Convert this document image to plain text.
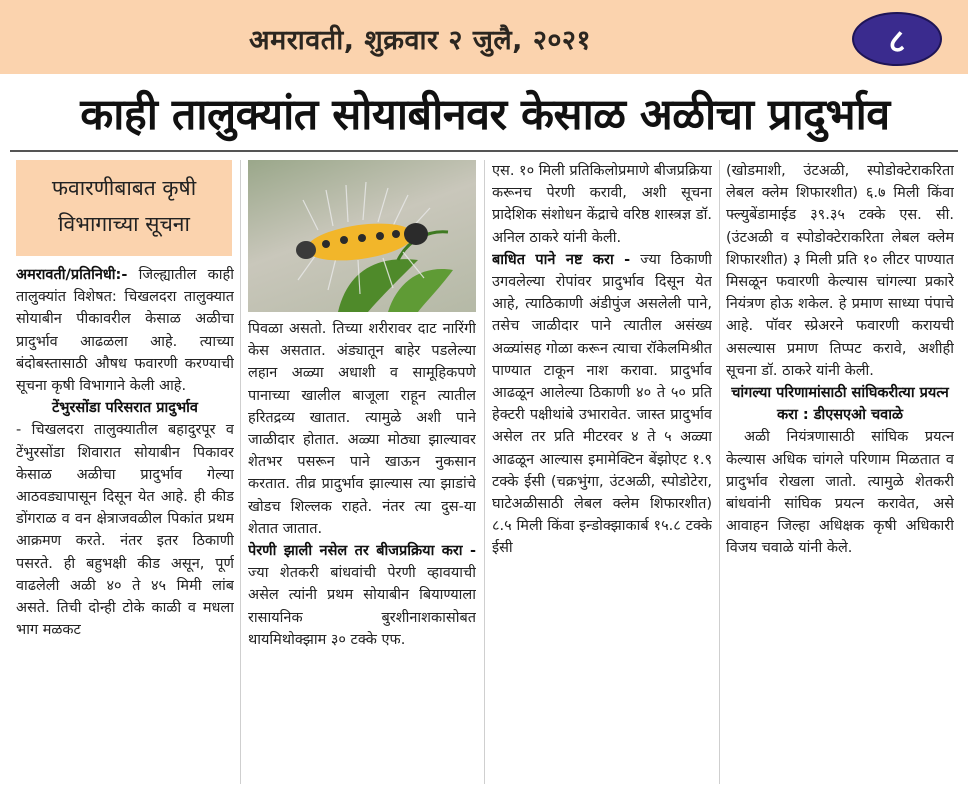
अमरावती, शुक्रवार २ जुलै, २०२१	८
काही तालुक्यांत सोयाबीनवर केसाळ अळीचा प्रादुर्भाव
फवारणीबाबत कृषी विभागाच्या सूचना

अमरावती/प्रतिनिधी:- जिल्ह्यातील काही तालुक्यांत विशेषत: चिखलदरा तालुक्यात सोयाबीन पीकावरील केसाळ अळीचा प्रादुर्भाव आढळला आहे. त्याच्या बंदोबस्तासाठी औषध फवारणी करण्याची सूचना कृषी विभागाने केली आहे.

टेंभुरसोंडा परिसरात प्रादुर्भाव

- चिखलदरा तालुक्यातील बहादुरपूर व टेंभुरसोंडा शिवारात सोयाबीन पिकावर केसाळ अळीचा प्रादुर्भाव गेल्या आठवड्यापासून दिसून येत आहे. ही कीड डोंगराळ व वन क्षेत्राजवळील पिकांत प्रथम आक्रमण करते. नंतर इतर ठिकाणी पसरते. ही बहुभक्षी कीड असून, पूर्ण वाढलेली अळी ४० ते ४५ मिमी लांब असते. तिची दोन्ही टोके काळी व मधला भाग मळकट

पिवळा असतो. तिच्या शरीरावर दाट नारिंगी केस असतात. अंड्यातून बाहेर पडलेल्या लहान अळ्या अधाशी व सामूहिकपणे पानाच्या खालील बाजूला राहून त्यातील हरितद्रव्य खातात. त्यामुळे अशी पाने जाळीदार होतात. अळ्या मोठ्या झाल्यावर शेतभर पसरून पाने खाऊन नुकसान करतात. तीव्र प्रादुर्भाव झाल्यास त्या झाडांचे खोडच शिल्लक राहते. नंतर त्या दुस-या शेतात जातात.

पेरणी झाली नसेल तर बीजप्रक्रिया करा - ज्या शेतकरी बांधवांची पेरणी व्हावयाची असेल त्यांनी प्रथम सोयाबीन बियाण्याला रासायनिक बुरशीनाशकासोबत थायमिथोक्झाम ३० टक्के एफ.

एस. १० मिली प्रतिकिलोप्रमाणे बीजप्रक्रिया करूनच पेरणी करावी, अशी सूचना प्रादेशिक संशोधन केंद्राचे वरिष्ठ शास्त्रज्ञ डॉ. अनिल ठाकरे यांनी केली.

बाधित पाने नष्ट करा - ज्या ठिकाणी उगवलेल्या रोपांवर प्रादुर्भाव दिसून येत आहे, त्याठिकाणी अंडीपुंज असलेली पाने, तसेच जाळीदार पाने त्यातील असंख्य अळ्यांसह गोळा करून त्याचा रॉकेलमिश्रीत पाण्यात टाकून नाश करावा. प्रादुर्भाव आढळून आलेल्या ठिकाणी ४० ते ५० प्रति हेक्टरी पक्षीथांबे उभारावेत. जास्त प्रादुर्भाव असेल तर प्रति मीटरवर ४ ते ५ अळ्या आढळून आल्यास इमामेक्टिन बेंझोएट १.९ टक्के ईसी (चक्रभुंगा, उंटअळी, स्पोडोटेरा, घाटेअळीसाठी लेबल क्लेम शिफारशीत) ८.५ मिली किंवा इन्डोक्झाकार्ब १५.८ टक्के ईसी

(खोडमाशी, उंटअळी, स्पोडोक्टेराकरिता लेबल क्लेम शिफारशीत) ६.७ मिली किंवा फ्ल्युबेंडामाईड ३९.३५ टक्के एस. सी. (उंटअळी व स्पोडोक्टेराकरिता लेबल क्लेम शिफारशीत) ३ मिली प्रति १० लीटर पाण्यात मिसळून फवारणी केल्यास चांगल्या प्रकारे नियंत्रण होऊ शकेल. हे प्रमाण साध्या पंपाचे आहे. पॉवर स्प्रेअरने फवारणी करायची असल्यास प्रमाण तिप्पट करावे, अशीही सूचना डॉ. ठाकरे यांनी केली.

चांगल्या परिणामांसाठी सांघिकरीत्या प्रयत्न करा : डीएसएओ चवाळे

अळी नियंत्रणासाठी सांघिक प्रयत्न केल्यास अधिक चांगले परिणाम मिळतात व प्रादुर्भाव रोखला जातो. त्यामुळे शेतकरी बांधवांनी सांघिक प्रयत्न करावेत, असे आवाहन जिल्हा अधिक्षक कृषी अधिकारी विजय चवाळे यांनी केले.
